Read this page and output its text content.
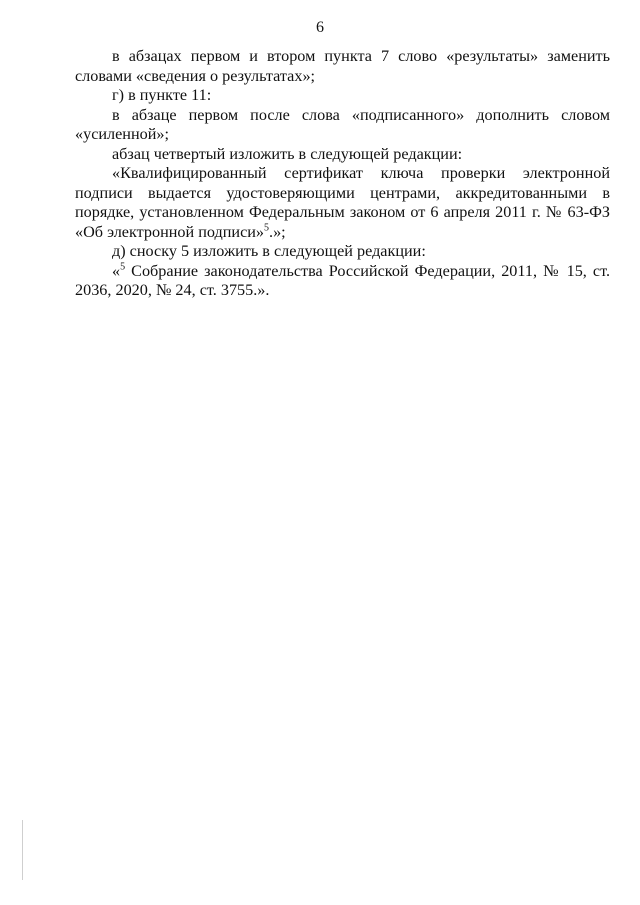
6

в абзацах первом и втором пункта 7 слово «результаты» заменить словами «сведения о результатах»;

г) в пункте 11:

в абзаце первом после слова «подписанного» дополнить словом «усиленной»;

абзац четвертый изложить в следующей редакции:

«Квалифицированный сертификат ключа проверки электронной подписи выдается удостоверяющими центрами, аккредитованными в порядке, установленном Федеральным законом от 6 апреля 2011 г. № 63-ФЗ «Об электронной подписи»$^5$.»;

д) сноску 5 изложить в следующей редакции:

«$^5$ Собрание законодательства Российской Федерации, 2011, № 15, ст. 2036, 2020, № 24, ст. 3755.».
